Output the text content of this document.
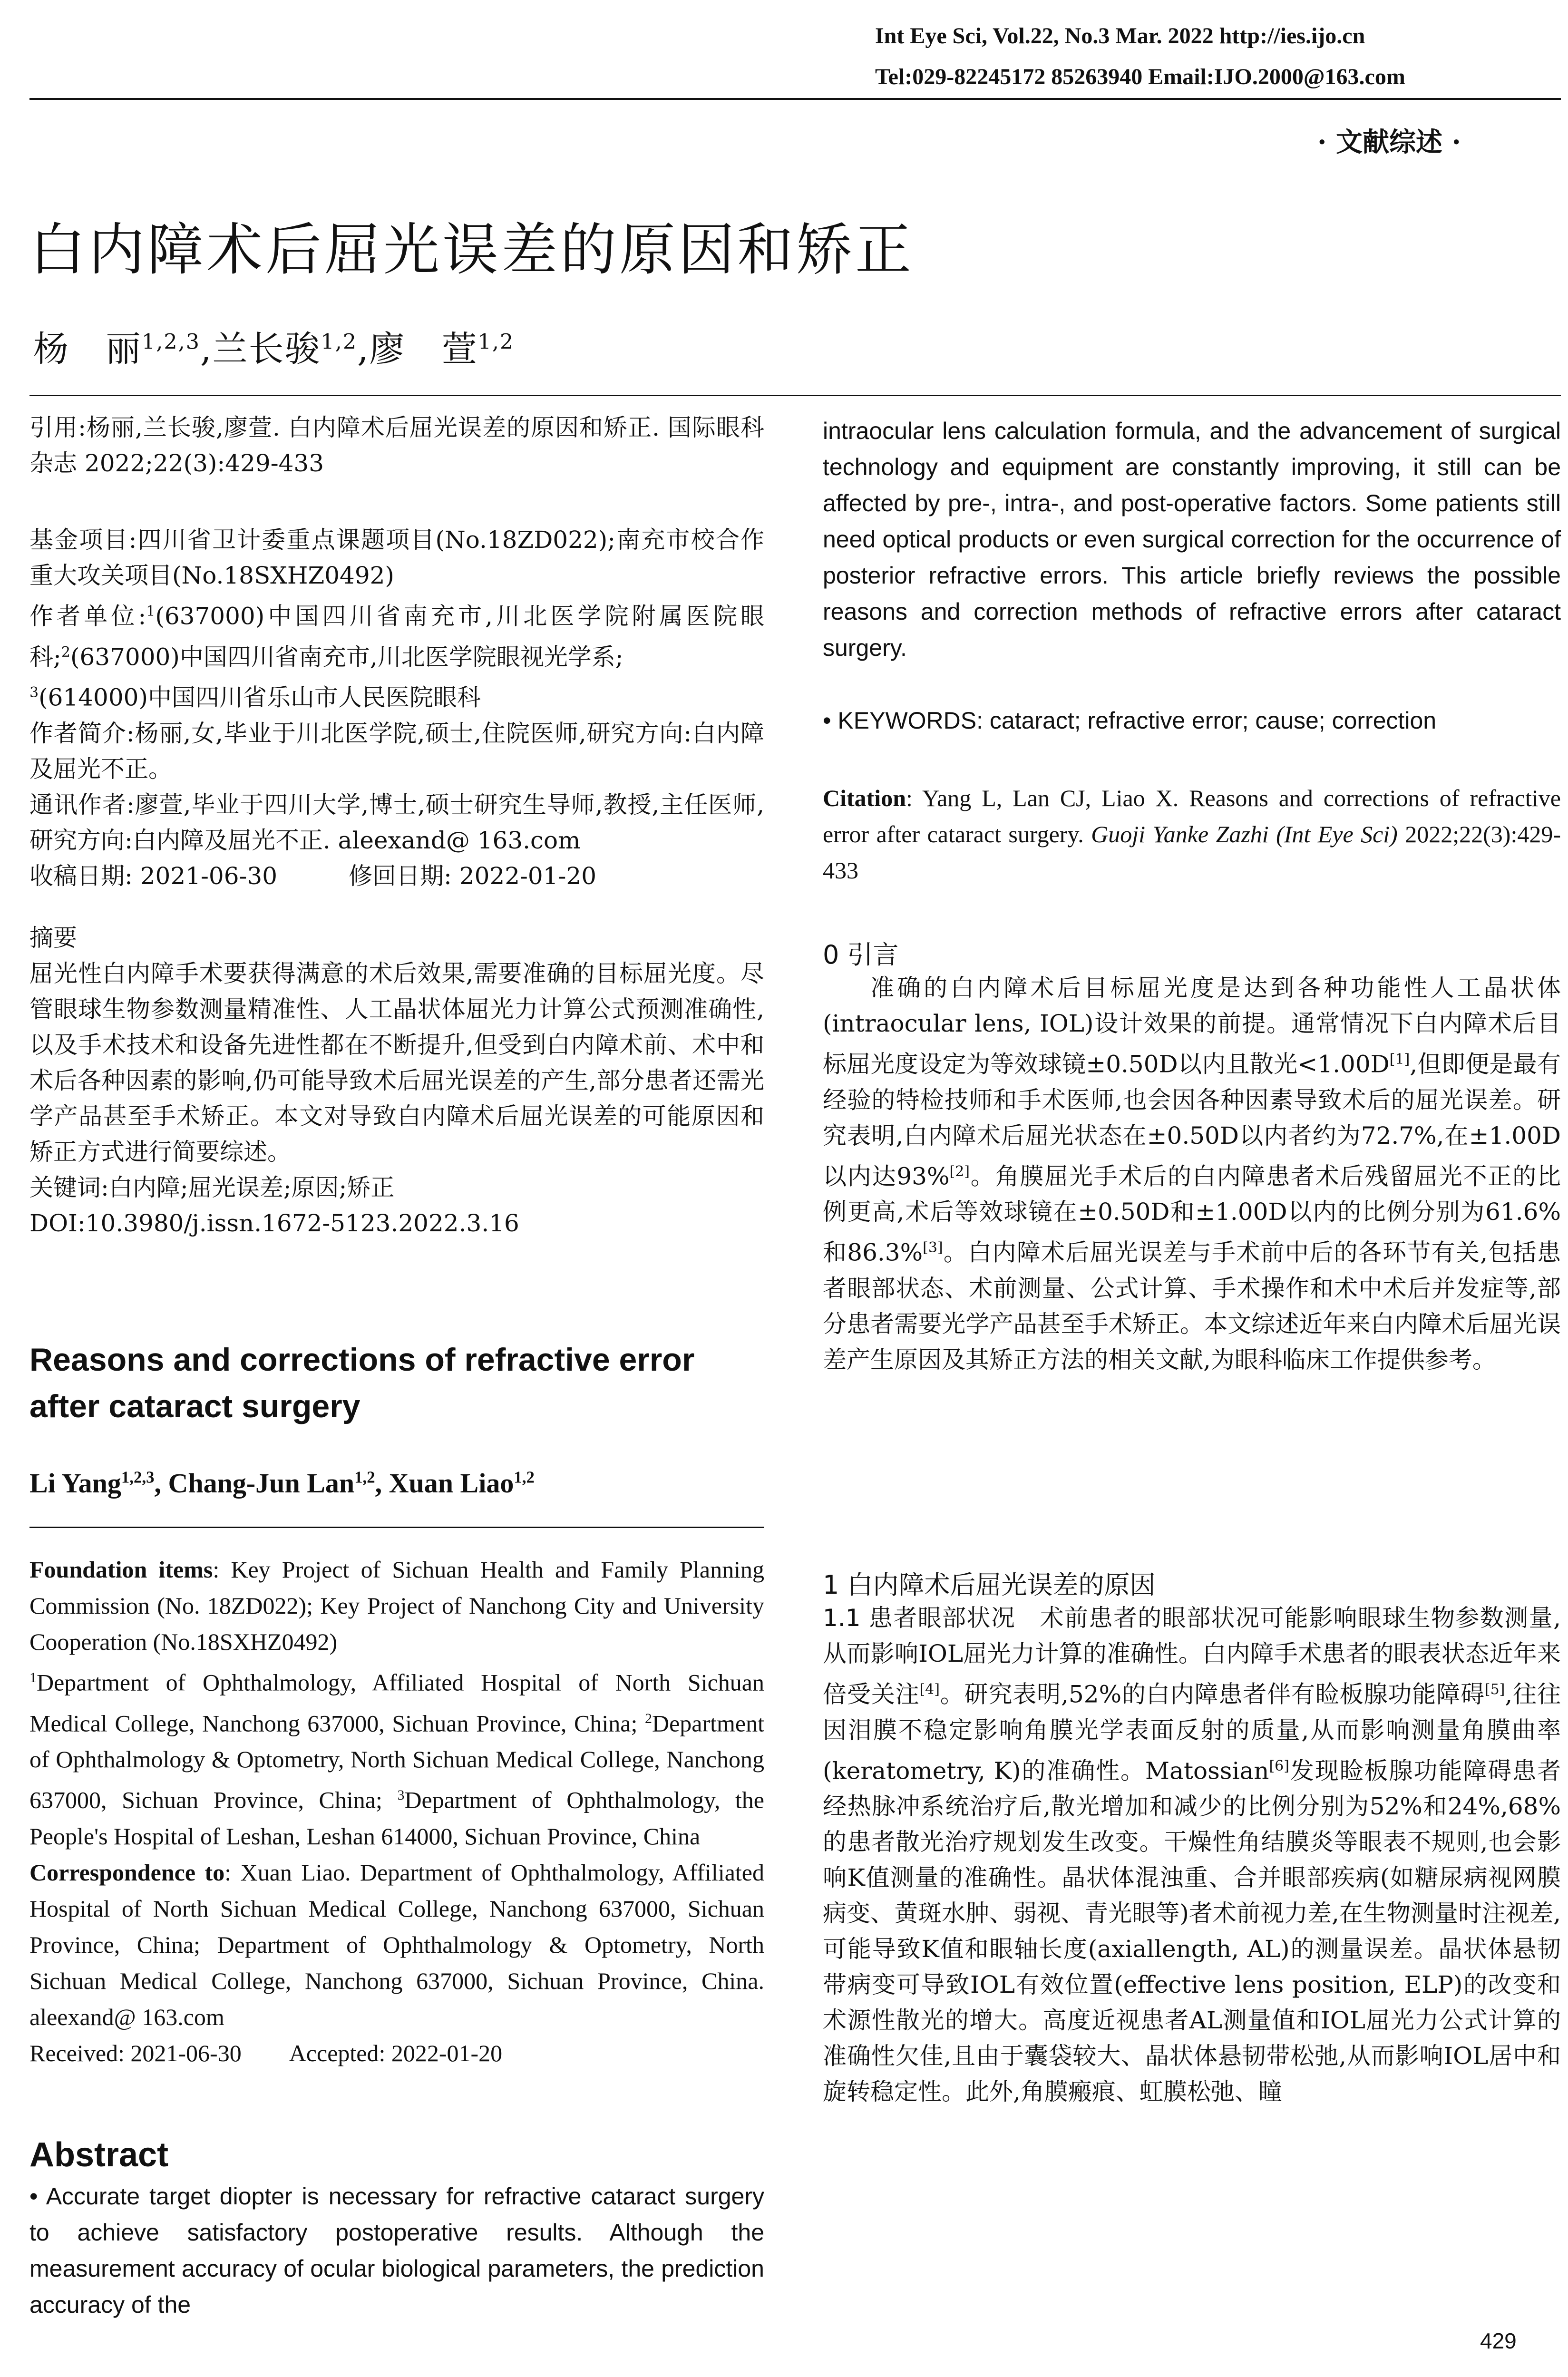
Int Eye Sci, Vol.22, No.3 Mar. 2022 http://ies.ijo.cn
Tel:029-82245172 85263940 Email:IJO.2000@163.com
· 文献综述 ·
白内障术后屈光误差的原因和矫正
杨　丽$^{1,2,3}$,兰长骏$^{1,2}$,廖　萱$^{1,2}$

引用:杨丽,兰长骏,廖萱. 白内障术后屈光误差的原因和矫正. 国际眼科杂志 2022;22(3):429-433

基金项目:四川省卫计委重点课题项目(No.18ZD022);南充市校合作重大攻关项目(No.18SXHZ0492)

作者单位:$^1$(637000)中国四川省南充市,川北医学院附属医院眼科;$^2$(637000)中国四川省南充市,川北医学院眼视光学系;
$^3$(614000)中国四川省乐山市人民医院眼科

作者简介:杨丽,女,毕业于川北医学院,硕士,住院医师,研究方向:白内障及屈光不正。

通讯作者:廖萱,毕业于四川大学,博士,硕士研究生导师,教授,主任医师,研究方向:白内障及屈光不正. aleexand@ 163.com

收稿日期: 2021-06-30　　　修回日期: 2022-01-20

摘要

屈光性白内障手术要获得满意的术后效果,需要准确的目标屈光度。尽管眼球生物参数测量精准性、人工晶状体屈光力计算公式预测准确性,以及手术技术和设备先进性都在不断提升,但受到白内障术前、术中和术后各种因素的影响,仍可能导致术后屈光误差的产生,部分患者还需光学产品甚至手术矫正。本文对导致白内障术后屈光误差的可能原因和矫正方式进行简要综述。

关键词:白内障;屈光误差;原因;矫正

DOI:10.3980/j.issn.1672-5123.2022.3.16

Reasons and corrections of refractive error after cataract surgery
Li Yang$^{1,2,3}$, Chang-Jun Lan$^{1,2}$, Xuan Liao$^{1,2}$

Foundation items: Key Project of Sichuan Health and Family Planning Commission (No. 18ZD022); Key Project of Nanchong City and University Cooperation (No.18SXHZ0492)

$^1$Department of Ophthalmology, Affiliated Hospital of North Sichuan Medical College, Nanchong 637000, Sichuan Province, China; $^2$Department of Ophthalmology & Optometry, North Sichuan Medical College, Nanchong 637000, Sichuan Province, China; $^3$Department of Ophthalmology, the People's Hospital of Leshan, Leshan 614000, Sichuan Province, China

Correspondence to: Xuan Liao. Department of Ophthalmology, Affiliated Hospital of North Sichuan Medical College, Nanchong 637000, Sichuan Province, China; Department of Ophthalmology & Optometry, North Sichuan Medical College, Nanchong 637000, Sichuan Province, China. aleexand@ 163.com

Received: 2021-06-30　　Accepted: 2022-01-20

Abstract
• Accurate target diopter is necessary for refractive cataract surgery to achieve satisfactory postoperative results. Although the measurement accuracy of ocular biological parameters, the prediction accuracy of the
intraocular lens calculation formula, and the advancement of surgical technology and equipment are constantly improving, it still can be affected by pre-, intra-, and post-operative factors. Some patients still need optical products or even surgical correction for the occurrence of posterior refractive errors. This article briefly reviews the possible reasons and correction methods of refractive errors after cataract surgery.
• KEYWORDS: cataract; refractive error; cause; correction
Citation: Yang L, Lan CJ, Liao X. Reasons and corrections of refractive error after cataract surgery. Guoji Yanke Zazhi (Int Eye Sci) 2022;22(3):429-433
0 引言
准确的白内障术后目标屈光度是达到各种功能性人工晶状体(intraocular lens, IOL)设计效果的前提。通常情况下白内障术后目标屈光度设定为等效球镜±0.50D以内且散光<1.00D[1],但即便是最有经验的特检技师和手术医师,也会因各种因素导致术后的屈光误差。研究表明,白内障术后屈光状态在±0.50D以内者约为72.7%,在±1.00D以内达93%[2]。角膜屈光手术后的白内障患者术后残留屈光不正的比例更高,术后等效球镜在±0.50D和±1.00D以内的比例分别为61.6%和86.3%[3]。白内障术后屈光误差与手术前中后的各环节有关,包括患者眼部状态、术前测量、公式计算、手术操作和术中术后并发症等,部分患者需要光学产品甚至手术矫正。本文综述近年来白内障术后屈光误差产生原因及其矫正方法的相关文献,为眼科临床工作提供参考。
1 白内障术后屈光误差的原因
1.1 患者眼部状况　术前患者的眼部状况可能影响眼球生物参数测量,从而影响IOL屈光力计算的准确性。白内障手术患者的眼表状态近年来倍受关注[4]。研究表明,52%的白内障患者伴有睑板腺功能障碍[5],往往因泪膜不稳定影响角膜光学表面反射的质量,从而影响测量角膜曲率(keratometry, K)的准确性。Matossian[6]发现睑板腺功能障碍患者经热脉冲系统治疗后,散光增加和减少的比例分别为52%和24%,68%的患者散光治疗规划发生改变。干燥性角结膜炎等眼表不规则,也会影响K值测量的准确性。晶状体混浊重、合并眼部疾病(如糖尿病视网膜病变、黄斑水肿、弱视、青光眼等)者术前视力差,在生物测量时注视差,可能导致K值和眼轴长度(axiallength, AL)的测量误差。晶状体悬韧带病变可导致IOL有效位置(effective lens position, ELP)的改变和术源性散光的增大。高度近视患者AL测量值和IOL屈光力公式计算的准确性欠佳,且由于囊袋较大、晶状体悬韧带松弛,从而影响IOL居中和旋转稳定性。此外,角膜瘢痕、虹膜松弛、瞳
429
